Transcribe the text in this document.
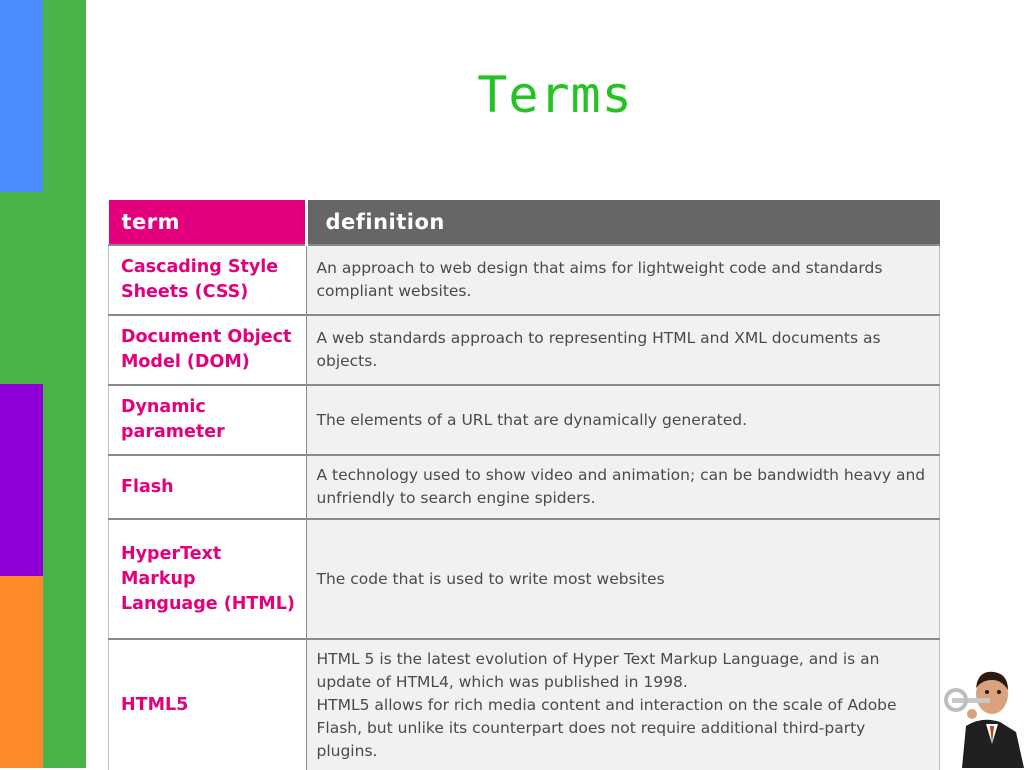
Terms
term	definition
Cascading Style Sheets (CSS)	An approach to web design that aims for lightweight code and standards compliant websites.
Document Object Model (DOM)	A web standards approach to representing HTML and XML documents as objects.
Dynamic parameter	The elements of a URL that are dynamically generated.
Flash	A technology used to show video and animation; can be bandwidth heavy and unfriendly to search engine spiders.
HyperText Markup Language (HTML)	The code that is used to write most websites
HTML5	HTML 5 is the latest evolution of Hyper Text Markup Language, and is an update of HTML4, which was published in 1998.
HTML5 allows for rich media content and interaction on the scale of Adobe Flash, but unlike its counterpart does not require additional third-party plugins.
